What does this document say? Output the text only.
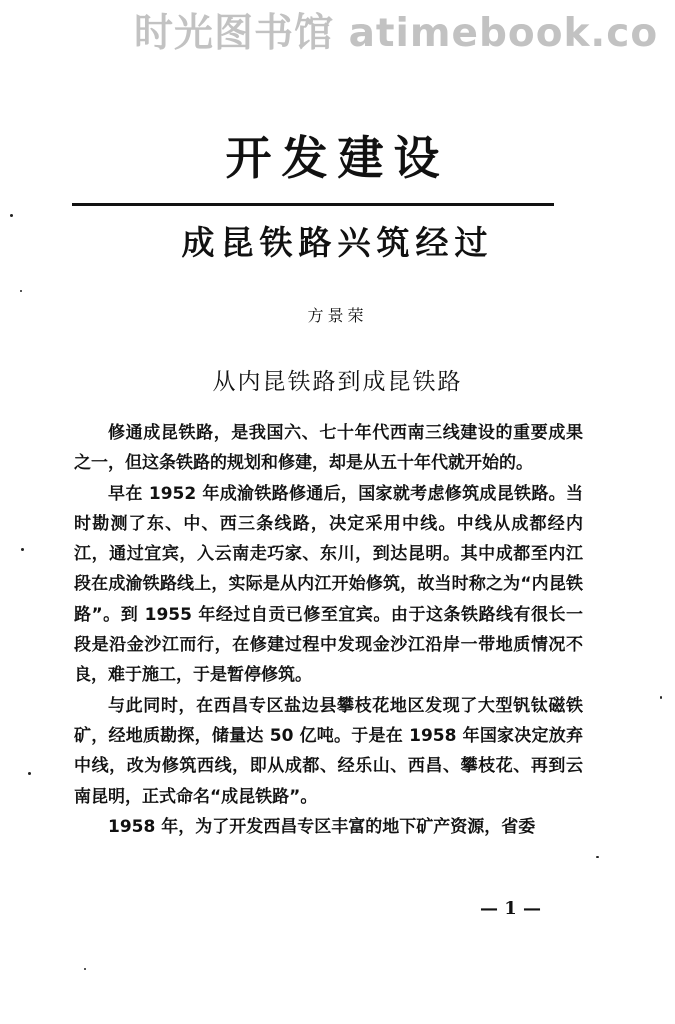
时光图书馆 atimebook.co
开发建设
成昆铁路兴筑经过
方景荣
从内昆铁路到成昆铁路

修通成昆铁路，是我国六、七十年代西南三线建设的重要成果之一，但这条铁路的规划和修建，却是从五十年代就开始的。

早在 1952 年成渝铁路修通后，国家就考虑修筑成昆铁路。当时勘测了东、中、西三条线路，决定采用中线。中线从成都经内江，通过宜宾，入云南走巧家、东川，到达昆明。其中成都至内江段在成渝铁路线上，实际是从内江开始修筑，故当时称之为“内昆铁路”。到 1955 年经过自贡已修至宜宾。由于这条铁路线有很长一段是沿金沙江而行，在修建过程中发现金沙江沿岸一带地质情况不良，难于施工，于是暂停修筑。

与此同时，在西昌专区盐边县攀枝花地区发现了大型钒钛磁铁矿，经地质勘探，储量达 50 亿吨。于是在 1958 年国家决定放弃中线，改为修筑西线，即从成都、经乐山、西昌、攀枝花、再到云南昆明，正式命名“成昆铁路”。

1958 年，为了开发西昌专区丰富的地下矿产资源，省委

— 1 —
